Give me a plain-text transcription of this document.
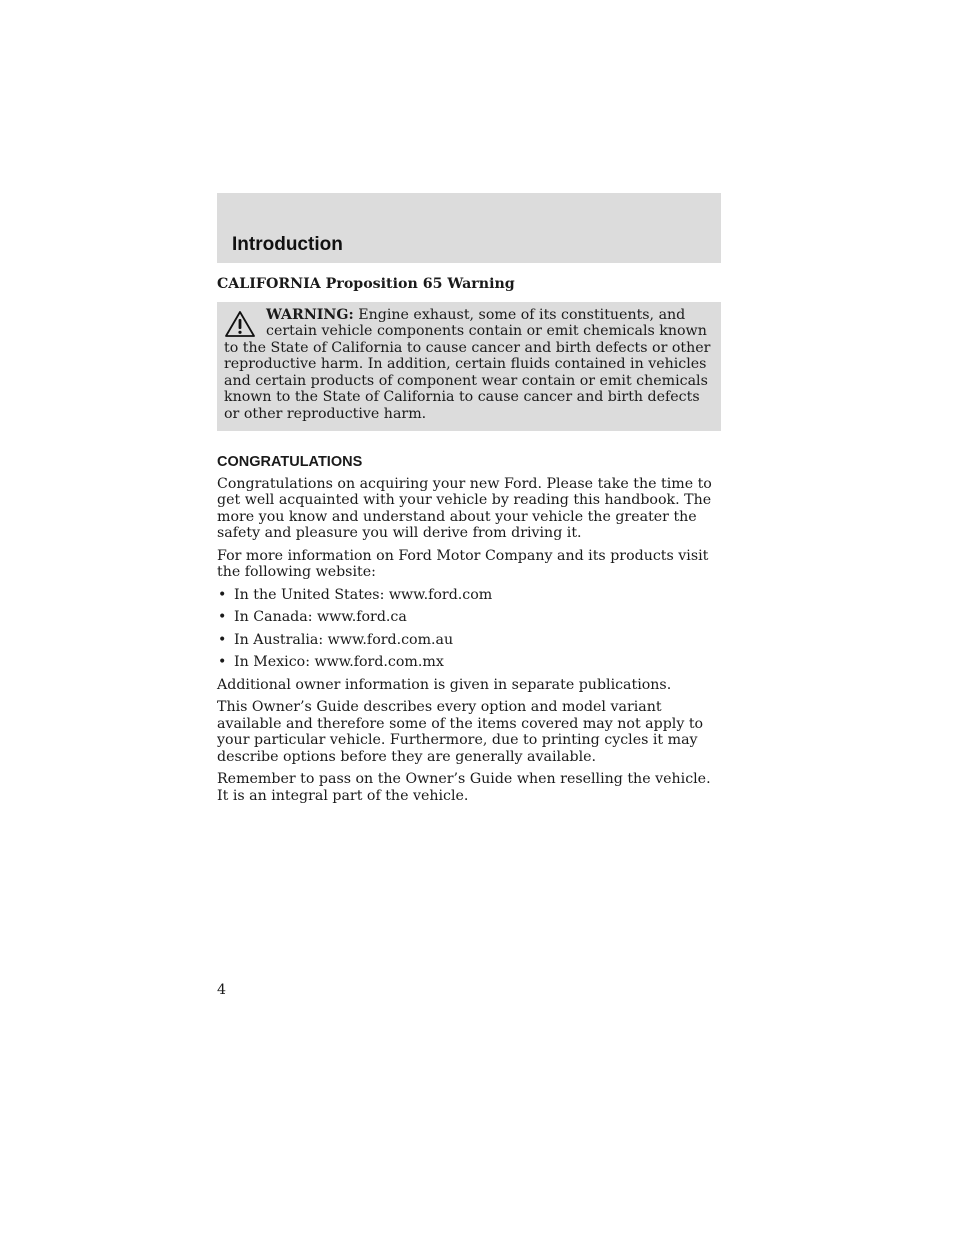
Introduction
CALIFORNIA Proposition 65 Warning

WARNING: Engine exhaust, some of its constituents, and certain vehicle components contain or emit chemicals known to the State of California to cause cancer and birth defects or other reproductive harm. In addition, certain fluids contained in vehicles and certain products of component wear contain or emit chemicals known to the State of California to cause cancer and birth defects or other reproductive harm.

CONGRATULATIONS

Congratulations on acquiring your new Ford. Please take the time to get well acquainted with your vehicle by reading this handbook. The more you know and understand about your vehicle the greater the safety and pleasure you will derive from driving it.

For more information on Ford Motor Company and its products visit the following website:

• In the United States: www.ford.com
• In Canada: www.ford.ca
• In Australia: www.ford.com.au
• In Mexico: www.ford.com.mx

Additional owner information is given in separate publications.

This Owner’s Guide describes every option and model variant available and therefore some of the items covered may not apply to your particular vehicle. Furthermore, due to printing cycles it may describe options before they are generally available.

Remember to pass on the Owner’s Guide when reselling the vehicle. It is an integral part of the vehicle.

4
